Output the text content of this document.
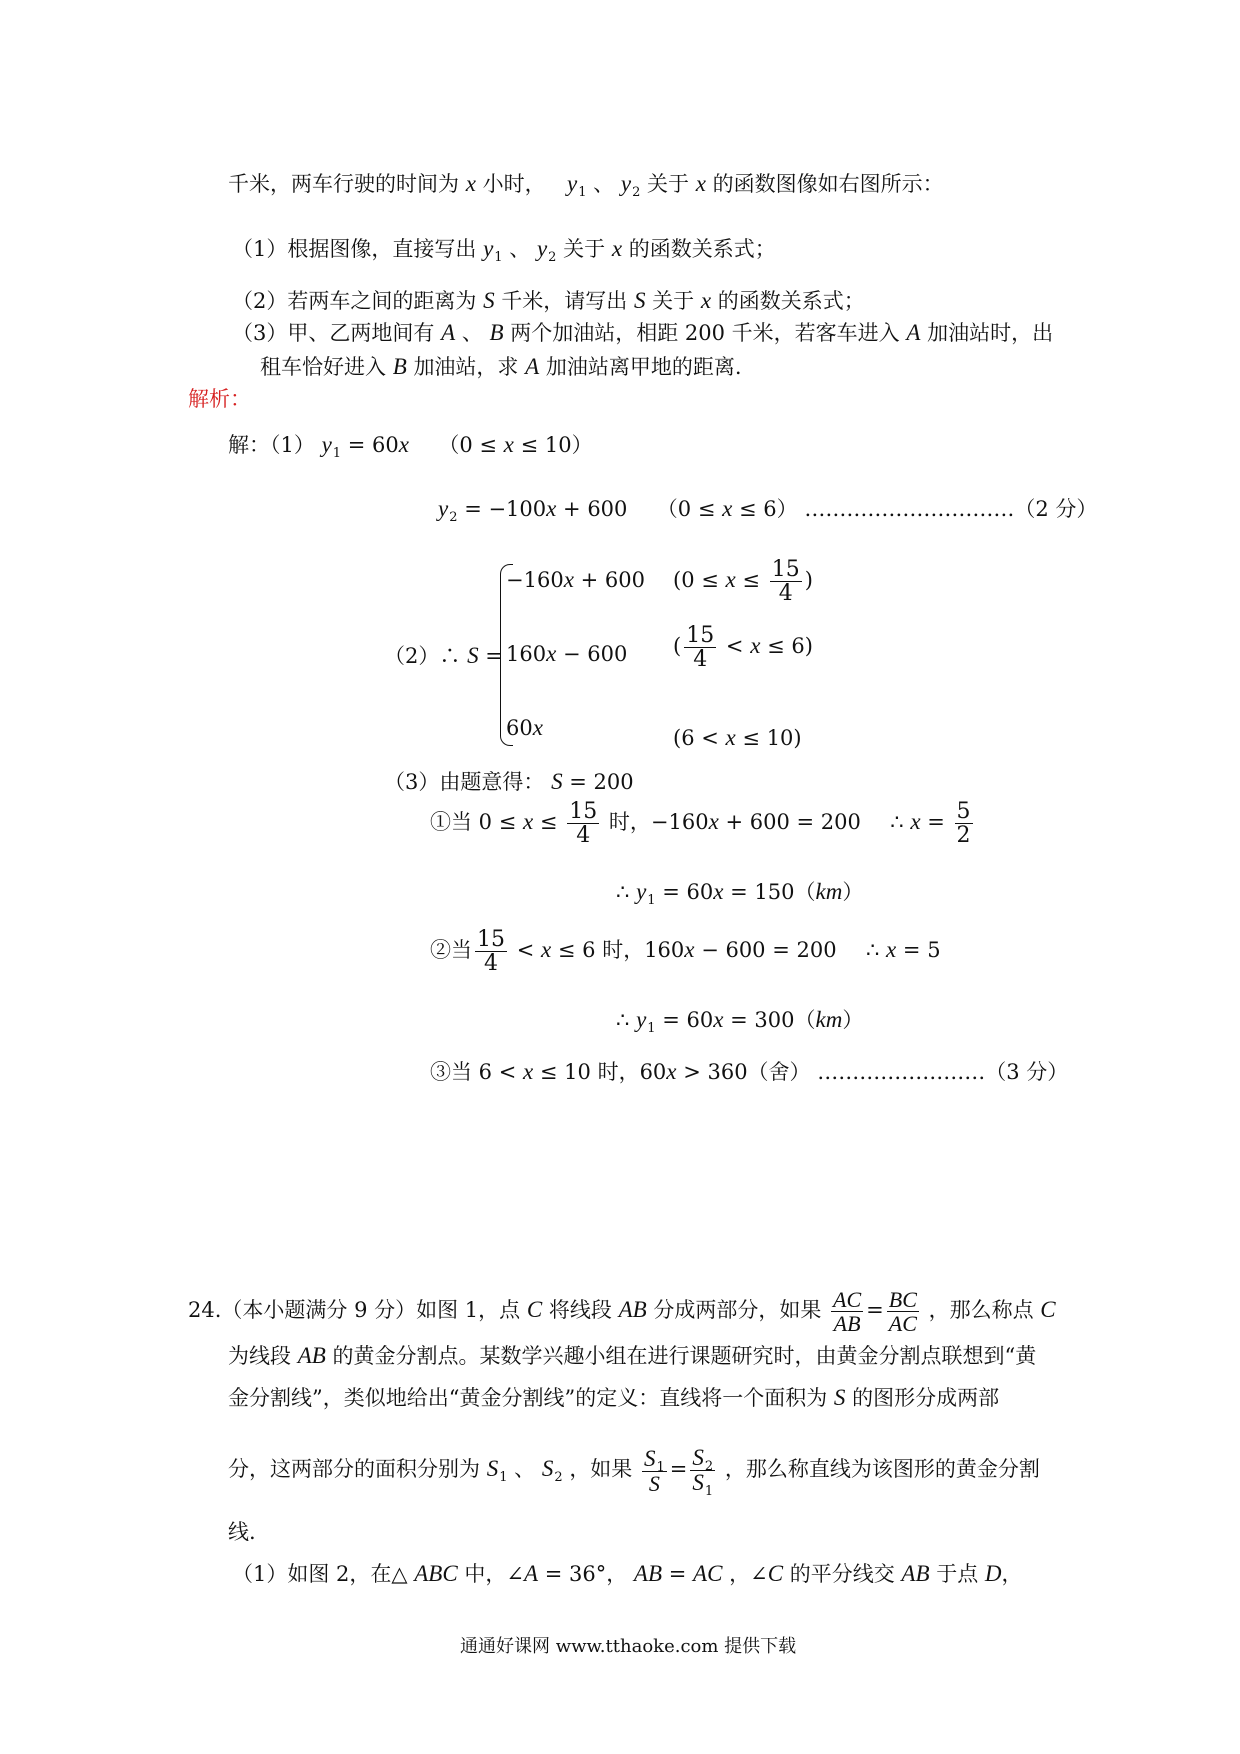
千米，两车行驶的时间为 x 小时， $y_1$ 、 $y_2$ 关于 x 的函数图像如右图所示：
（1）根据图像，直接写出 $y_1$ 、 $y_2$ 关于 x 的函数关系式；
（2）若两车之间的距离为 S 千米，请写出 S 关于 x 的函数关系式；
（3）甲、乙两地间有 A 、 B 两个加油站，相距 200 千米，若客车进入 A 加油站时，出
租车恰好进入 B 加油站，求 A 加油站离甲地的距离.
解析：
解：（1） $y_1 = 60x$ （0 ≤ x ≤ 10）
$y_2 = -100x + 600$ （0 ≤ x ≤ 6） …………………………（2 分）
（2）∴ S =
−160x + 600 ($0 \le x \le \frac{15}{4}$ )
160x − 600 ( $\frac{15}{4} < x \le 6$)
60x	(6 < x ≤ 10)
（3）由题意得： S = 200
①当 $0 \le x \le \frac{15}{4}$ 时，−160x + 600 = 200 ∴ $x = \frac{5}{2}$
∴ $y_1 = 60x = 150(km)$
②当 $\frac{15}{4} < x \le 6$ 时，160x − 600 = 200 ∴ x = 5
∴ $y_1 = 60x = 300(km)$
③当 6 < x ≤ 10 时，60x > 360（舍） ……………………（3 分）
24.（本小题满分 9 分）如图 1，点 C 将线段 AB 分成两部分，如果 $\frac{AC}{AB} = \frac{BC}{AC}$ ，那么称点 C
为线段 AB 的黄金分割点。某数学兴趣小组在进行课题研究时，由黄金分割点联想到“黄
金分割线”，类似地给出“黄金分割线”的定义：直线将一个面积为 S 的图形分成两部
分，这两部分的面积分别为 $S_1$ 、 $S_2$ ，如果 $\frac{S_1}{S} = \frac{S_2}{S_1}$ ，那么称直线为该图形的黄金分割
线.
（1）如图 2，在△ ABC 中，∠A = 36°， AB = AC ，∠C 的平分线交 AB 于点 D，
通通好课网 www.tthaoke.com 提供下载
